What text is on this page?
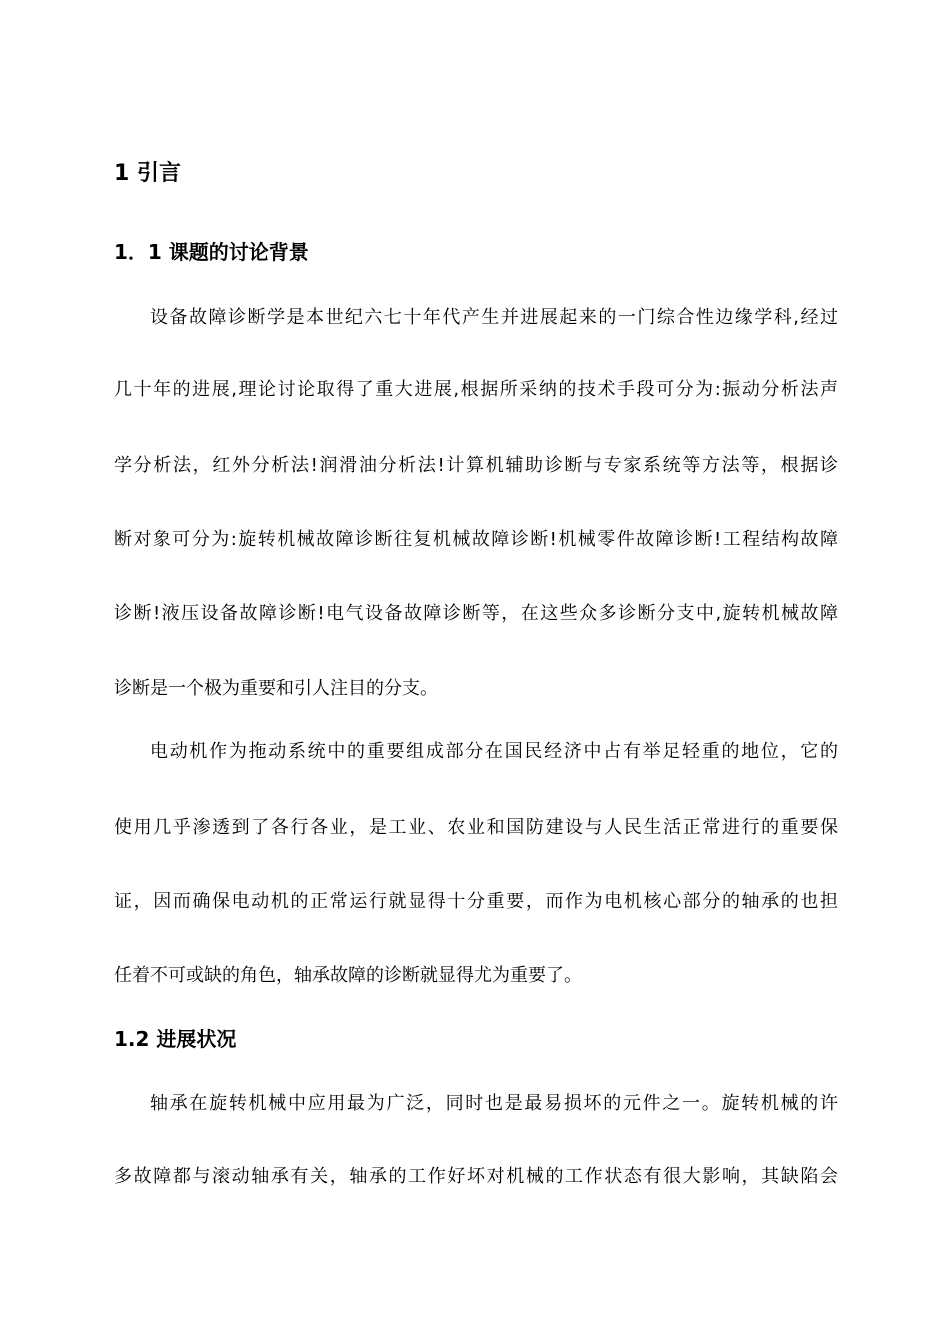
1 引言
1．1 课题的讨论背景

设备故障诊断学是本世纪六七十年代产生并进展起来的一门综合性边缘学科,经过

几十年的进展,理论讨论取得了重大进展,根据所采纳的技术手段可分为:振动分析法声

学分析法，红外分析法!润滑油分析法!计算机辅助诊断与专家系统等方法等，根据诊

断对象可分为:旋转机械故障诊断往复机械故障诊断!机械零件故障诊断!工程结构故障

诊断!液压设备故障诊断!电气设备故障诊断等，在这些众多诊断分支中,旋转机械故障

诊断是一个极为重要和引人注目的分支。

电动机作为拖动系统中的重要组成部分在国民经济中占有举足轻重的地位，它的

使用几乎渗透到了各行各业，是工业、农业和国防建设与人民生活正常进行的重要保

证，因而确保电动机的正常运行就显得十分重要，而作为电机核心部分的轴承的也担

任着不可或缺的角色，轴承故障的诊断就显得尤为重要了。

1.2 进展状况

轴承在旋转机械中应用最为广泛，同时也是最易损坏的元件之一。旋转机械的许

多故障都与滚动轴承有关，轴承的工作好坏对机械的工作状态有很大影响，其缺陷会
